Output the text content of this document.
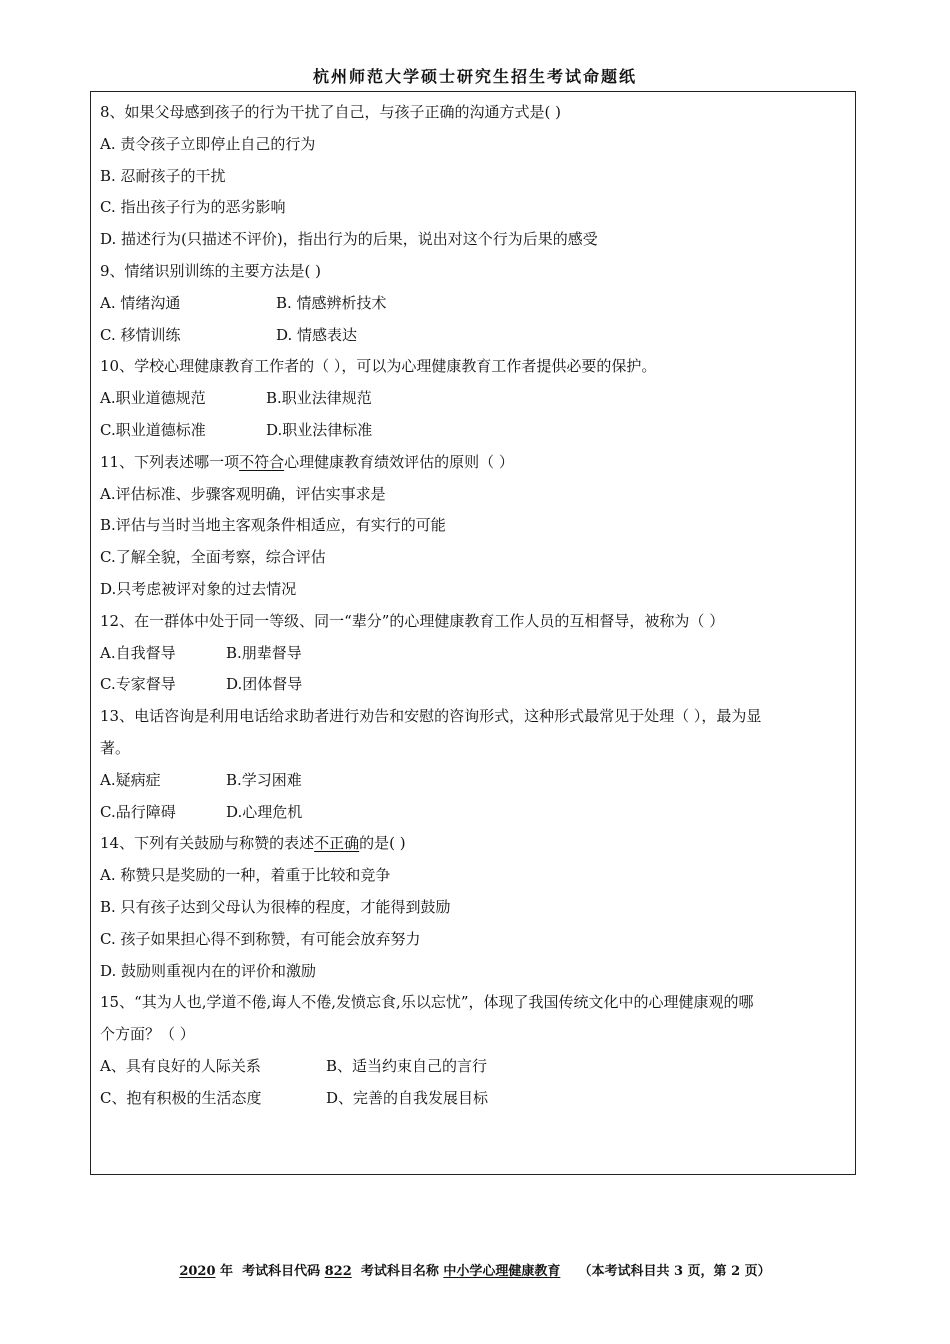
杭州师范大学硕士研究生招生考试命题纸
8、如果父母感到孩子的行为干扰了自己，与孩子正确的沟通方式是( )
A. 责令孩子立即停止自己的行为
B. 忍耐孩子的干扰
C. 指出孩子行为的恶劣影响
D. 描述行为(只描述不评价)，指出行为的后果，说出对这个行为后果的感受
9、情绪识别训练的主要方法是( )
A. 情绪沟通	B. 情感辨析技术
C. 移情训练	D. 情感表达
10、学校心理健康教育工作者的（ ），可以为心理健康教育工作者提供必要的保护。
A.职业道德规范	B.职业法律规范
C.职业道德标准	D.职业法律标准
11、下列表述哪一项不符合心理健康教育绩效评估的原则（ ）
A.评估标准、步骤客观明确，评估实事求是
B.评估与当时当地主客观条件相适应，有实行的可能
C.了解全貌，全面考察，综合评估
D.只考虑被评对象的过去情况
12、在一群体中处于同一等级、同一“辈分”的心理健康教育工作人员的互相督导，被称为（ ）
A.自我督导	B.朋辈督导
C.专家督导	D.团体督导
13、电话咨询是利用电话给求助者进行劝告和安慰的咨询形式，这种形式最常见于处理（ ），最为显
著。
A.疑病症	B.学习困难
C.品行障碍	D.心理危机
14、下列有关鼓励与称赞的表述不正确的是( )
A. 称赞只是奖励的一种，着重于比较和竞争
B. 只有孩子达到父母认为很棒的程度，才能得到鼓励
C. 孩子如果担心得不到称赞，有可能会放弃努力
D. 鼓励则重视内在的评价和激励
15、“其为人也,学道不倦,诲人不倦,发愤忘食,乐以忘忧”，体现了我国传统文化中的心理健康观的哪
个方面？（ ）
A、具有良好的人际关系	B、适当约束自己的言行
C、抱有积极的生活态度	D、完善的自我发展目标
2020 年  考试科目代码 822  考试科目名称 中小学心理健康教育    （本考试科目共 3 页，第 2 页）
